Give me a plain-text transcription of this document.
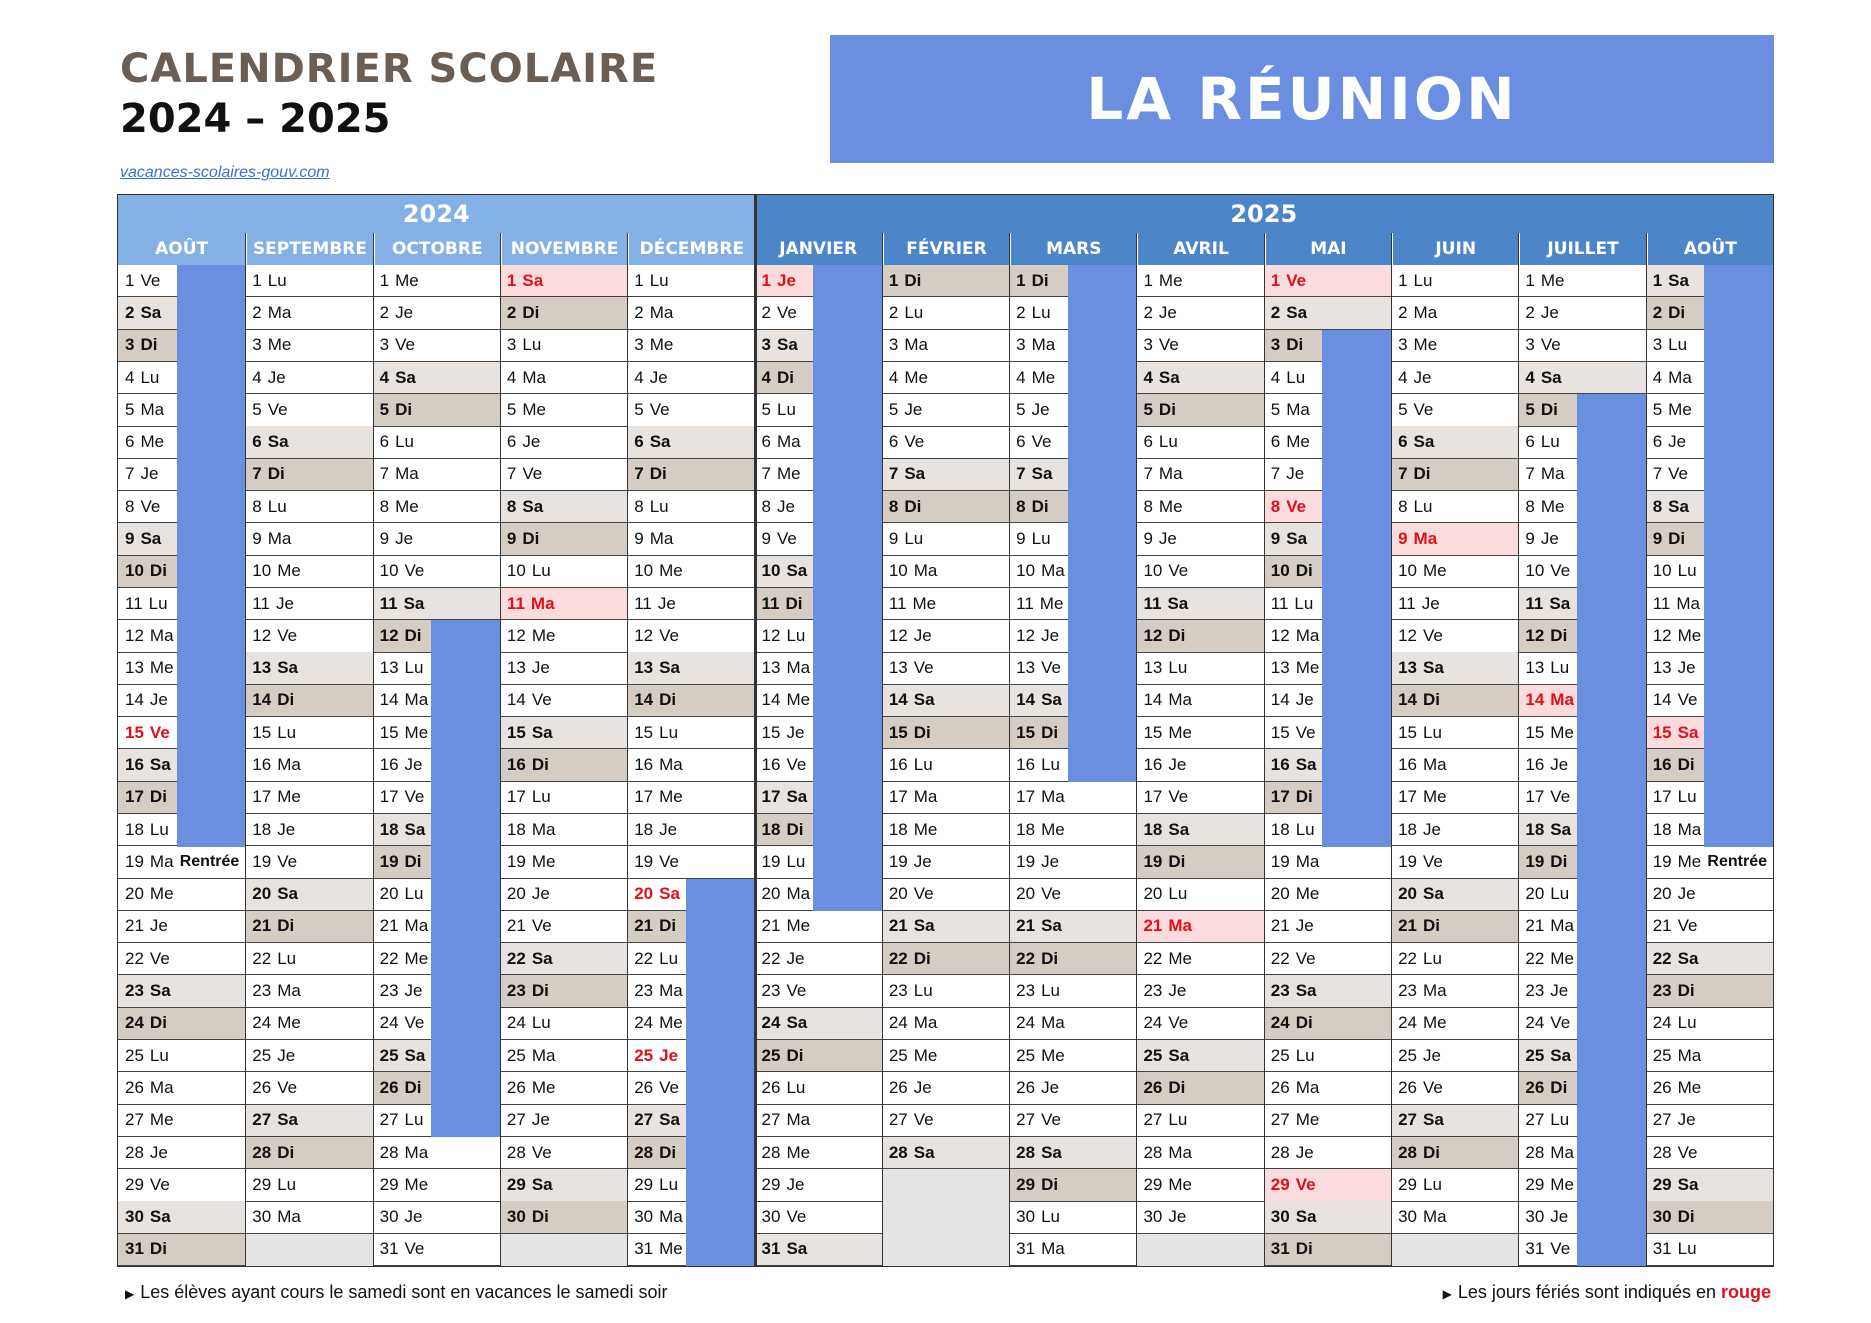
CALENDRIER SCOLAIRE
2024 – 2025
vacances-scolaires-gouv.com
LA RÉUNION
2024	2025
AOÛT
1 Ve
2 Sa
3 Di
4 Lu
5 Ma
6 Me
7 Je
8 Ve
9 Sa
10 Di
11 Lu
12 Ma
13 Me
14 Je
15 Ve
16 Sa
17 Di
18 Lu
19 Ma Rentrée
20 Me
21 Je
22 Ve
23 Sa
24 Di
25 Lu
26 Ma
27 Me
28 Je
29 Ve
30 Sa
31 Di
SEPTEMBRE
1 Lu
2 Ma
3 Me
4 Je
5 Ve
6 Sa
7 Di
8 Lu
9 Ma
10 Me
11 Je
12 Ve
13 Sa
14 Di
15 Lu
16 Ma
17 Me
18 Je
19 Ve
20 Sa
21 Di
22 Lu
23 Ma
24 Me
25 Je
26 Ve
27 Sa
28 Di
29 Lu
30 Ma
OCTOBRE
1 Me
2 Je
3 Ve
4 Sa
5 Di
6 Lu
7 Ma
8 Me
9 Je
10 Ve
11 Sa
12 Di
13 Lu
14 Ma
15 Me
16 Je
17 Ve
18 Sa
19 Di
20 Lu
21 Ma
22 Me
23 Je
24 Ve
25 Sa
26 Di
27 Lu
28 Ma
29 Me
30 Je
31 Ve
NOVEMBRE
1 Sa
2 Di
3 Lu
4 Ma
5 Me
6 Je
7 Ve
8 Sa
9 Di
10 Lu
11 Ma
12 Me
13 Je
14 Ve
15 Sa
16 Di
17 Lu
18 Ma
19 Me
20 Je
21 Ve
22 Sa
23 Di
24 Lu
25 Ma
26 Me
27 Je
28 Ve
29 Sa
30 Di
DÉCEMBRE
1 Lu
2 Ma
3 Me
4 Je
5 Ve
6 Sa
7 Di
8 Lu
9 Ma
10 Me
11 Je
12 Ve
13 Sa
14 Di
15 Lu
16 Ma
17 Me
18 Je
19 Ve
20 Sa
21 Di
22 Lu
23 Ma
24 Me
25 Je
26 Ve
27 Sa
28 Di
29 Lu
30 Ma
31 Me
JANVIER
1 Je
2 Ve
3 Sa
4 Di
5 Lu
6 Ma
7 Me
8 Je
9 Ve
10 Sa
11 Di
12 Lu
13 Ma
14 Me
15 Je
16 Ve
17 Sa
18 Di
19 Lu
20 Ma
21 Me
22 Je
23 Ve
24 Sa
25 Di
26 Lu
27 Ma
28 Me
29 Je
30 Ve
31 Sa
FÉVRIER
1 Di
2 Lu
3 Ma
4 Me
5 Je
6 Ve
7 Sa
8 Di
9 Lu
10 Ma
11 Me
12 Je
13 Ve
14 Sa
15 Di
16 Lu
17 Ma
18 Me
19 Je
20 Ve
21 Sa
22 Di
23 Lu
24 Ma
25 Me
26 Je
27 Ve
28 Sa
MARS
1 Di
2 Lu
3 Ma
4 Me
5 Je
6 Ve
7 Sa
8 Di
9 Lu
10 Ma
11 Me
12 Je
13 Ve
14 Sa
15 Di
16 Lu
17 Ma
18 Me
19 Je
20 Ve
21 Sa
22 Di
23 Lu
24 Ma
25 Me
26 Je
27 Ve
28 Sa
29 Di
30 Lu
31 Ma
AVRIL
1 Me
2 Je
3 Ve
4 Sa
5 Di
6 Lu
7 Ma
8 Me
9 Je
10 Ve
11 Sa
12 Di
13 Lu
14 Ma
15 Me
16 Je
17 Ve
18 Sa
19 Di
20 Lu
21 Ma
22 Me
23 Je
24 Ve
25 Sa
26 Di
27 Lu
28 Ma
29 Me
30 Je
MAI
1 Ve
2 Sa
3 Di
4 Lu
5 Ma
6 Me
7 Je
8 Ve
9 Sa
10 Di
11 Lu
12 Ma
13 Me
14 Je
15 Ve
16 Sa
17 Di
18 Lu
19 Ma
20 Me
21 Je
22 Ve
23 Sa
24 Di
25 Lu
26 Ma
27 Me
28 Je
29 Ve
30 Sa
31 Di
JUIN
1 Lu
2 Ma
3 Me
4 Je
5 Ve
6 Sa
7 Di
8 Lu
9 Ma
10 Me
11 Je
12 Ve
13 Sa
14 Di
15 Lu
16 Ma
17 Me
18 Je
19 Ve
20 Sa
21 Di
22 Lu
23 Ma
24 Me
25 Je
26 Ve
27 Sa
28 Di
29 Lu
30 Ma
JUILLET
1 Me
2 Je
3 Ve
4 Sa
5 Di
6 Lu
7 Ma
8 Me
9 Je
10 Ve
11 Sa
12 Di
13 Lu
14 Ma
15 Me
16 Je
17 Ve
18 Sa
19 Di
20 Lu
21 Ma
22 Me
23 Je
24 Ve
25 Sa
26 Di
27 Lu
28 Ma
29 Me
30 Je
31 Ve
AOÛT
1 Sa
2 Di
3 Lu
4 Ma
5 Me
6 Je
7 Ve
8 Sa
9 Di
10 Lu
11 Ma
12 Me
13 Je
14 Ve
15 Sa
16 Di
17 Lu
18 Ma
19 Me Rentrée
20 Je
21 Ve
22 Sa
23 Di
24 Lu
25 Ma
26 Me
27 Je
28 Ve
29 Sa
30 Di
31 Lu
▶ Les élèves ayant cours le samedi sont en vacances le samedi soir	▶ Les jours fériés sont indiqués en rouge
